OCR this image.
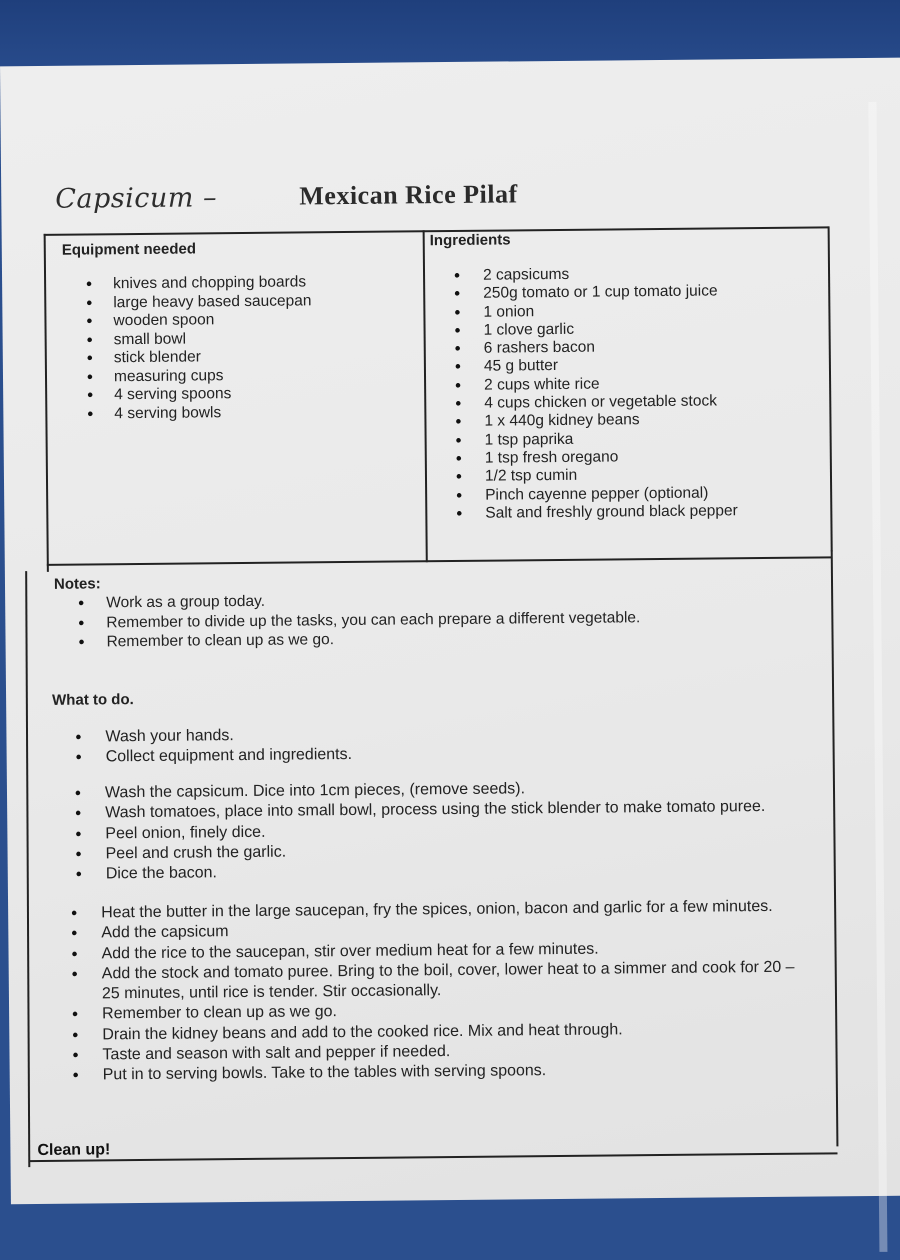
Capsicum –	Mexican Rice Pilaf
Equipment needed
• knives and chopping boards
• large heavy based saucepan
• wooden spoon
• small bowl
• stick blender
• measuring cups
• 4 serving spoons
• 4 serving bowls
Ingredients
• 2 capsicums
• 250g tomato or 1 cup tomato juice
• 1 onion
• 1 clove garlic
• 6 rashers bacon
• 45 g butter
• 2 cups white rice
• 4 cups chicken or vegetable stock
• 1 x 440g kidney beans
• 1 tsp paprika
• 1 tsp fresh oregano
• 1/2 tsp cumin
• Pinch cayenne pepper (optional)
• Salt and freshly ground black pepper
Notes:
• Work as a group today.
• Remember to divide up the tasks, you can each prepare a different vegetable.
• Remember to clean up as we go.
What to do.
• Wash your hands.
• Collect equipment and ingredients.
• Wash the capsicum. Dice into 1cm pieces, (remove seeds).
• Wash tomatoes, place into small bowl, process using the stick blender to make tomato puree.
• Peel onion, finely dice.
• Peel and crush the garlic.
• Dice the bacon.
• Heat the butter in the large saucepan, fry the spices, onion, bacon and garlic for a few minutes.
• Add the capsicum
• Add the rice to the saucepan, stir over medium heat for a few minutes.
• Add the stock and tomato puree. Bring to the boil, cover, lower heat to a simmer and cook for 20 –
25 minutes, until rice is tender. Stir occasionally.
• Remember to clean up as we go.
• Drain the kidney beans and add to the cooked rice. Mix and heat through.
• Taste and season with salt and pepper if needed.
• Put in to serving bowls. Take to the tables with serving spoons.
Clean up!
